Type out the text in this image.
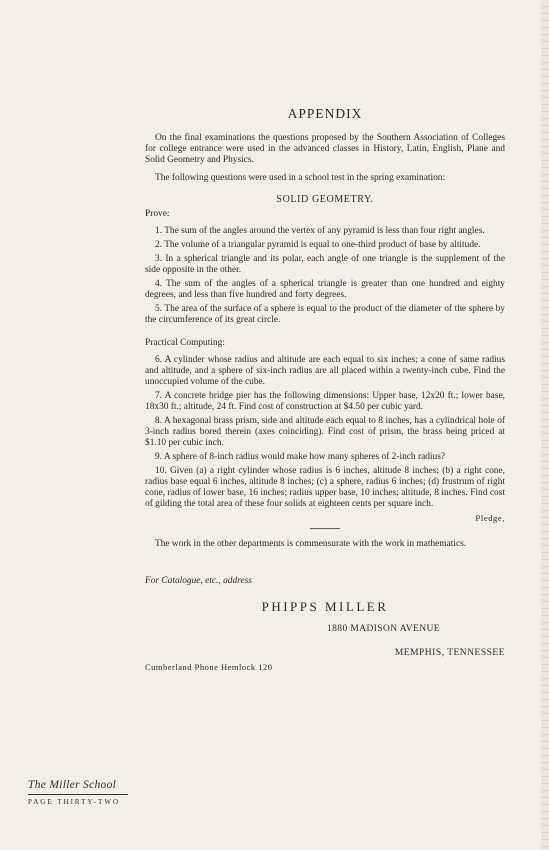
APPENDIX

On the final examinations the questions proposed by the Southern Association of Colleges for college entrance were used in the advanced classes in History, Latin, English, Plane and Solid Geometry and Physics.

The following questions were used in a school test in the spring examination:

SOLID GEOMETRY.

Prove:

1. The sum of the angles around the vertex of any pyramid is less than four right angles.

2. The volume of a triangular pyramid is equal to one-third product of base by altitude.

3. In a spherical triangle and its polar, each angle of one triangle is the supplement of the side opposite in the other.

4. The sum of the angles of a spherical triangle is greater than one hundred and eighty degrees, and less than five hundred and forty degrees.

5. The area of the surface of a sphere is equal to the product of the diameter of the sphere by the circumference of its great circle.

Practical Computing:

6. A cylinder whose radius and altitude are each equal to six inches; a cone of same radius and altitude, and a sphere of six-inch radius are all placed within a twenty-inch cube. Find the unoccupied volume of the cube.

7. A concrete bridge pier has the following dimensions: Upper base, 12x20 ft.; lower base, 18x30 ft.; altitude, 24 ft. Find cost of construction at $4.50 per cubic yard.

8. A hexagonal brass prism, side and altitude each equal to 8 inches, has a cylindrical hole of 3-inch radius bored therein (axes coinciding). Find cost of prism, the brass being priced at $1.10 per cubic inch.

9. A sphere of 8-inch radius would make how many spheres of 2-inch radius?

10. Given (a) a right cylinder whose radius is 6 inches, altitude 8 inches; (b) a right cone, radius base equal 6 inches, altitude 8 inches; (c) a sphere, radius 6 inches; (d) frustrum of right cone, radius of lower base, 16 inches; radius upper base, 10 inches; altitude, 8 inches. Find cost of gilding the total area of these four solids at eighteen cents per square inch.

Pledge,

The work in the other departments is commensurate with the work in mathematics.

For Catalogue, etc., address
PHIPPS MILLER
1880 MADISON AVENUE
MEMPHIS, TENNESSEE
Cumberland Phone Hemlock 120
The Miller School
PAGE THIRTY-TWO
